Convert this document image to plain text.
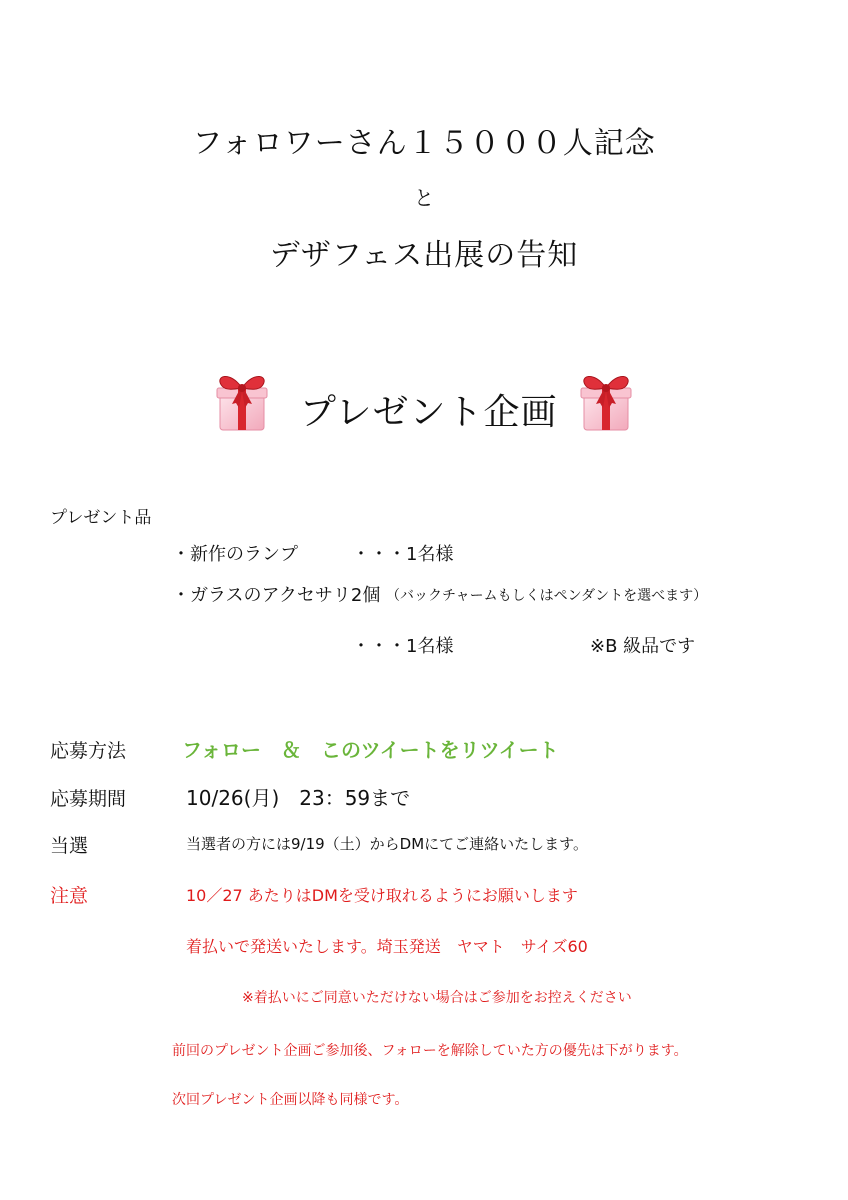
フォロワーさん１５０００人記念
と
デザフェス出展の告知
プレゼント企画
プレゼント品
・新作のランプ	・・・1名様
・ガラスのアクセサリ2個 （バックチャームもしくはペンダントを選べます）
・・・1名様	※B 級品です
応募方法	フォロー　＆　このツイートをリツイート
応募期間	10/26(月)　23：59まで
当選	当選者の方には9/19（土）からDMにてご連絡いたします。
注意	10／27 あたりはDMを受け取れるようにお願いします
着払いで発送いたします。埼玉発送　ヤマト　サイズ60
※着払いにご同意いただけない場合はご参加をお控えください
前回のプレゼント企画ご参加後、フォローを解除していた方の優先は下がります。
次回プレゼント企画以降も同様です。
